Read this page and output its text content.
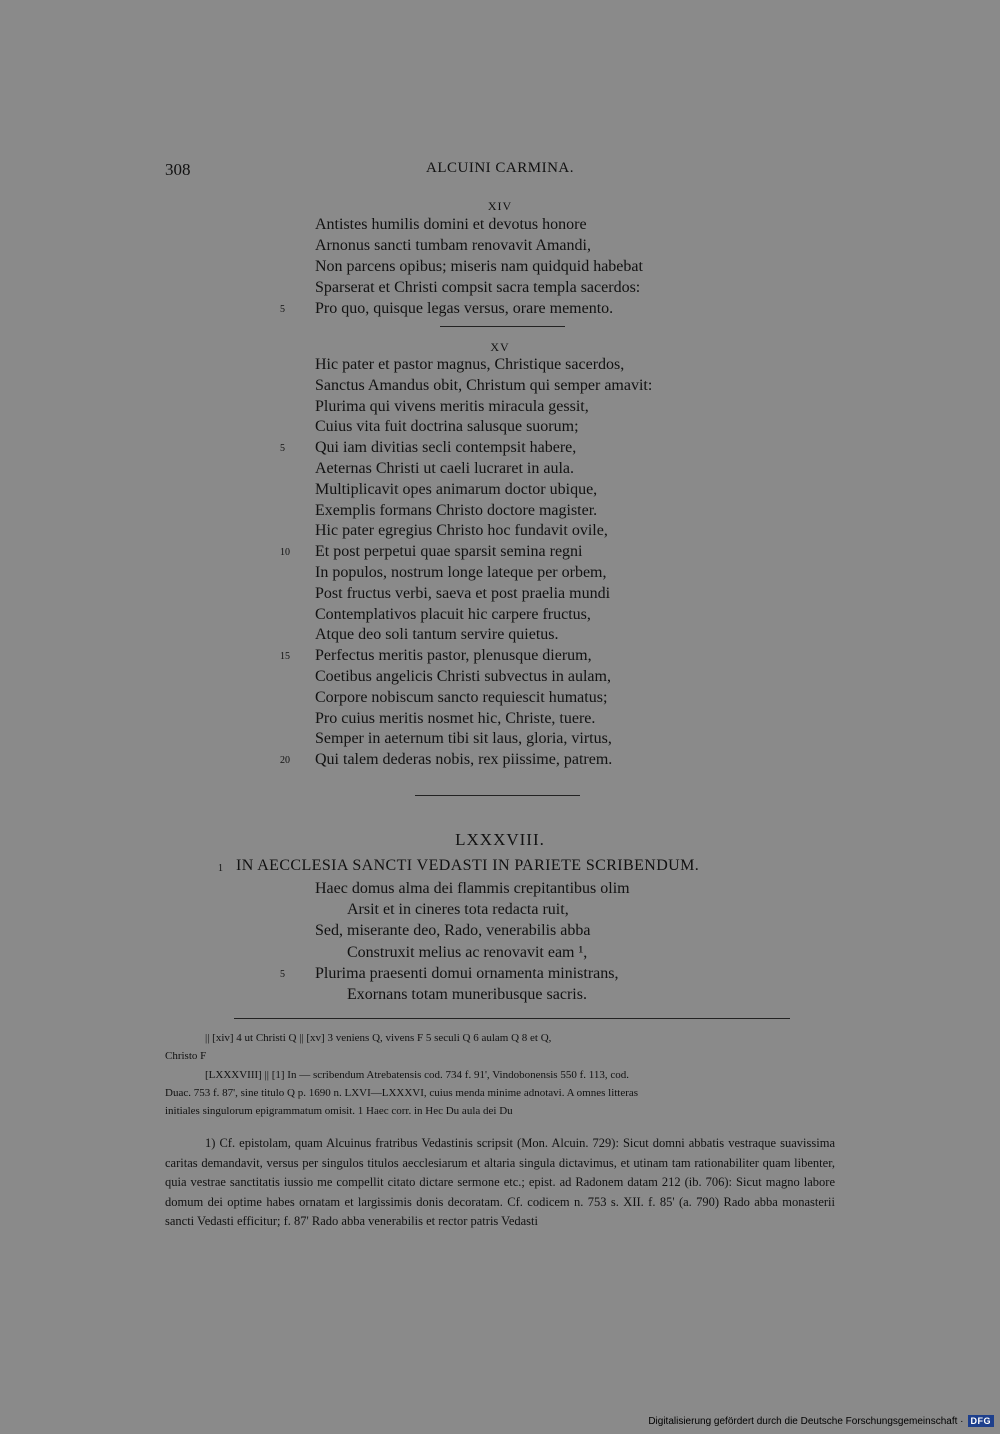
308	ALCUINI CARMINA.
XIV
Antistes humilis domini et devotus honore
Arnonus sancti tumbam renovavit Amandi,
Non parcens opibus; miseris nam quidquid habebat
Sparserat et Christi compsit sacra templa sacerdos:
5	Pro quo, quisque legas versus, orare memento.
XV
Hic pater et pastor magnus, Christique sacerdos,
Sanctus Amandus obit, Christum qui semper amavit:
Plurima qui vivens meritis miracula gessit,
Cuius vita fuit doctrina salusque suorum;
5	Qui iam divitias secli contempsit habere,
Aeternas Christi ut caeli lucraret in aula.
Multiplicavit opes animarum doctor ubique,
Exemplis formans Christo doctore magister.
Hic pater egregius Christo hoc fundavit ovile,
10	Et post perpetui quae sparsit semina regni
In populos, nostrum longe lateque per orbem,
Post fructus verbi, saeva et post praelia mundi
Contemplativos placuit hic carpere fructus,
Atque deo soli tantum servire quietus.
15	Perfectus meritis pastor, plenusque dierum,
Coetibus angelicis Christi subvectus in aulam,
Corpore nobiscum sancto requiescit humatus;
Pro cuius meritis nosmet hic, Christe, tuere.
Semper in aeternum tibi sit laus, gloria, virtus,
20	Qui talem dederas nobis, rex piissime, patrem.
LXXXVIII.
1 IN AECCLESIA SANCTI VEDASTI IN PARIETE SCRIBENDUM.
Haec domus alma dei flammis crepitantibus olim
Arsit et in cineres tota redacta ruit,
Sed, miserante deo, Rado, venerabilis abba
Construxit melius ac renovavit eam ¹,
5	Plurima praesenti domui ornamenta ministrans,
Exornans totam muneribusque sacris.
|| [xiv] 4 ut Christi Q || [xv] 3 veniens Q, vivens F 5 seculi Q 6 aulam Q 8 et Q,
Christo F
[LXXXVIII] || [1] In — scribendum Atrebatensis cod. 734 f. 91', Vindobonensis 550 f. 113, cod.
Duac. 753 f. 87', sine titulo Q p. 1690 n. LXVI—LXXXVI, cuius menda minime adnotavi. A omnes litteras
initiales singulorum epigrammatum omisit. 1 Haec corr. in Hec Du aula dei Du
1) Cf. epistolam, quam Alcuinus fratribus Vedastinis scripsit (Mon. Alcuin. 729): Sicut domni abbatis vestraque suavissima caritas demandavit, versus per singulos titulos aecclesiarum et altaria singula dictavimus, et utinam tam rationabiliter quam libenter, quia vestrae sanctitatis iussio me compellit citato dictare sermone etc.; epist. ad Radonem datam 212 (ib. 706): Sicut magno labore domum dei optime habes ornatam et largissimis donis decoratam. Cf. codicem n. 753 s. XII. f. 85' (a. 790) Rado abba monasterii sancti Vedasti efficitur; f. 87' Rado abba venerabilis et rector patris Vedasti
Digitalisierung gefördert durch die Deutsche Forschungsgemeinschaft · DFG
